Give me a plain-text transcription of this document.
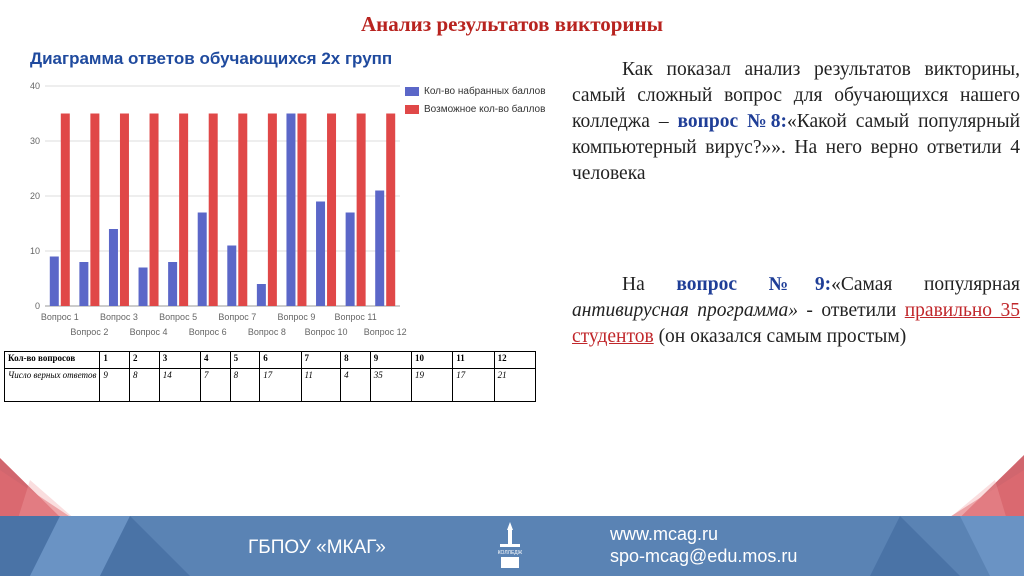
Анализ результатов викторины
Диаграмма ответов обучающихся 2х групп
0
10
20
30
40
Вопрос 1
Вопрос 2
Вопрос 3
Вопрос 4
Вопрос 5
Вопрос 6
Вопрос 7
Вопрос 8
Вопрос 9
Вопрос 10
Вопрос 11
Вопрос 12
Кол-во набранных баллов
Возможное кол-во баллов
Кол-во вопросов	1	2	3	4	5	6	7	8	9	10	11	12
Число верных ответов	9	8	14	7	8	17	11	4	35	19	17	21
Как показал анализ результатов викторины, самый сложный вопрос для обучающихся нашего колледжа – вопрос №8:«Какой самый популярный компьютерный вирус?»». На него верно ответили 4 человека
На вопрос №9:«Самая популярная антивирусная программа» - ответили правильно 35 студентов (он оказался самым простым)
ГБПОУ «МКАГ»
www.mcag.ru
spo-mcag@edu.mos.ru
КОЛЛЕДЖ
